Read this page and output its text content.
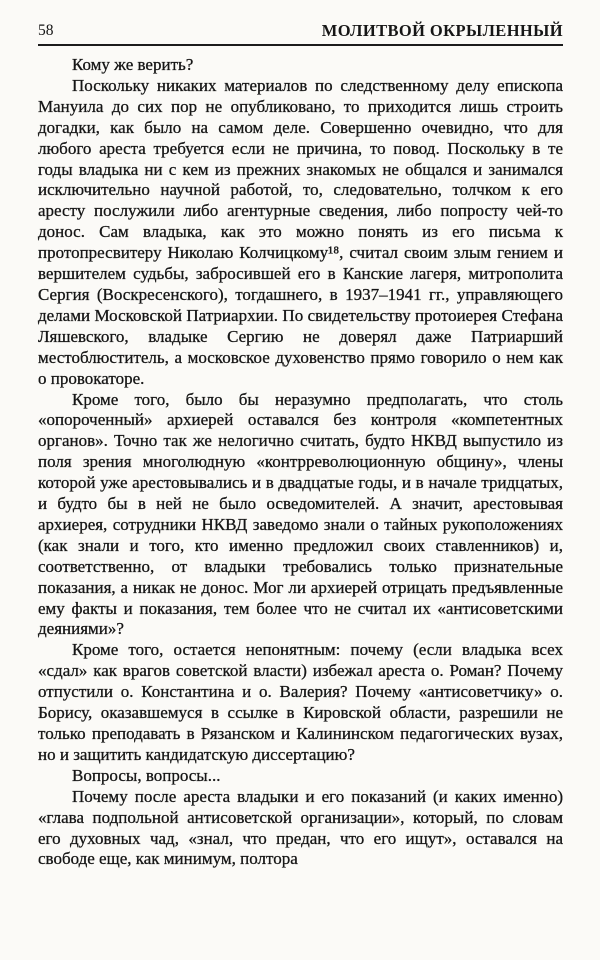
58	МОЛИТВОЙ ОКРЫЛЕННЫЙ

Кому же верить?

Поскольку никаких материалов по следственному делу епископа Мануила до сих пор не опубликовано, то приходится лишь строить догадки, как было на самом деле. Совершенно очевидно, что для любого ареста требуется если не причина, то повод. Поскольку в те годы владыка ни с кем из прежних знакомых не общался и занимался исключительно научной работой, то, следовательно, толчком к его аресту послужили либо агентурные сведения, либо попросту чей-то донос. Сам владыка, как это можно понять из его письма к протопресвитеру Николаю Колчицкому¹⁸, считал своим злым гением и вершителем судьбы, забросившей его в Канские лагеря, митрополита Сергия (Воскресенского), тогдашнего, в 1937–1941 гг., управляющего делами Московской Патриархии. По свидетельству протоиерея Стефана Ляшевского, владыке Сергию не доверял даже Патриарший местоблюститель, а московское духовенство прямо говорило о нем как о провокаторе.

Кроме того, было бы неразумно предполагать, что столь «опороченный» архиерей оставался без контроля «компетентных органов». Точно так же нелогично считать, будто НКВД выпустило из поля зрения многолюдную «контрреволюционную общину», члены которой уже арестовывались и в двадцатые годы, и в начале тридцатых, и будто бы в ней не было осведомителей. А значит, арестовывая архиерея, сотрудники НКВД заведомо знали о тайных рукоположениях (как знали и того, кто именно предложил своих ставленников) и, соответственно, от владыки требовались только признательные показания, а никак не донос. Мог ли архиерей отрицать предъявленные ему факты и показания, тем более что не считал их «антисоветскими деяниями»?

Кроме того, остается непонятным: почему (если владыка всех «сдал» как врагов советской власти) избежал ареста о. Роман? Почему отпустили о. Константина и о. Валерия? Почему «антисоветчику» о. Борису, оказавшемуся в ссылке в Кировской области, разрешили не только преподавать в Рязанском и Калининском педагогических вузах, но и защитить кандидатскую диссертацию?

Вопросы, вопросы...

Почему после ареста владыки и его показаний (и каких именно) «глава подпольной антисоветской организации», который, по словам его духовных чад, «знал, что предан, что его ищут», оставался на свободе еще, как минимум, полтора
